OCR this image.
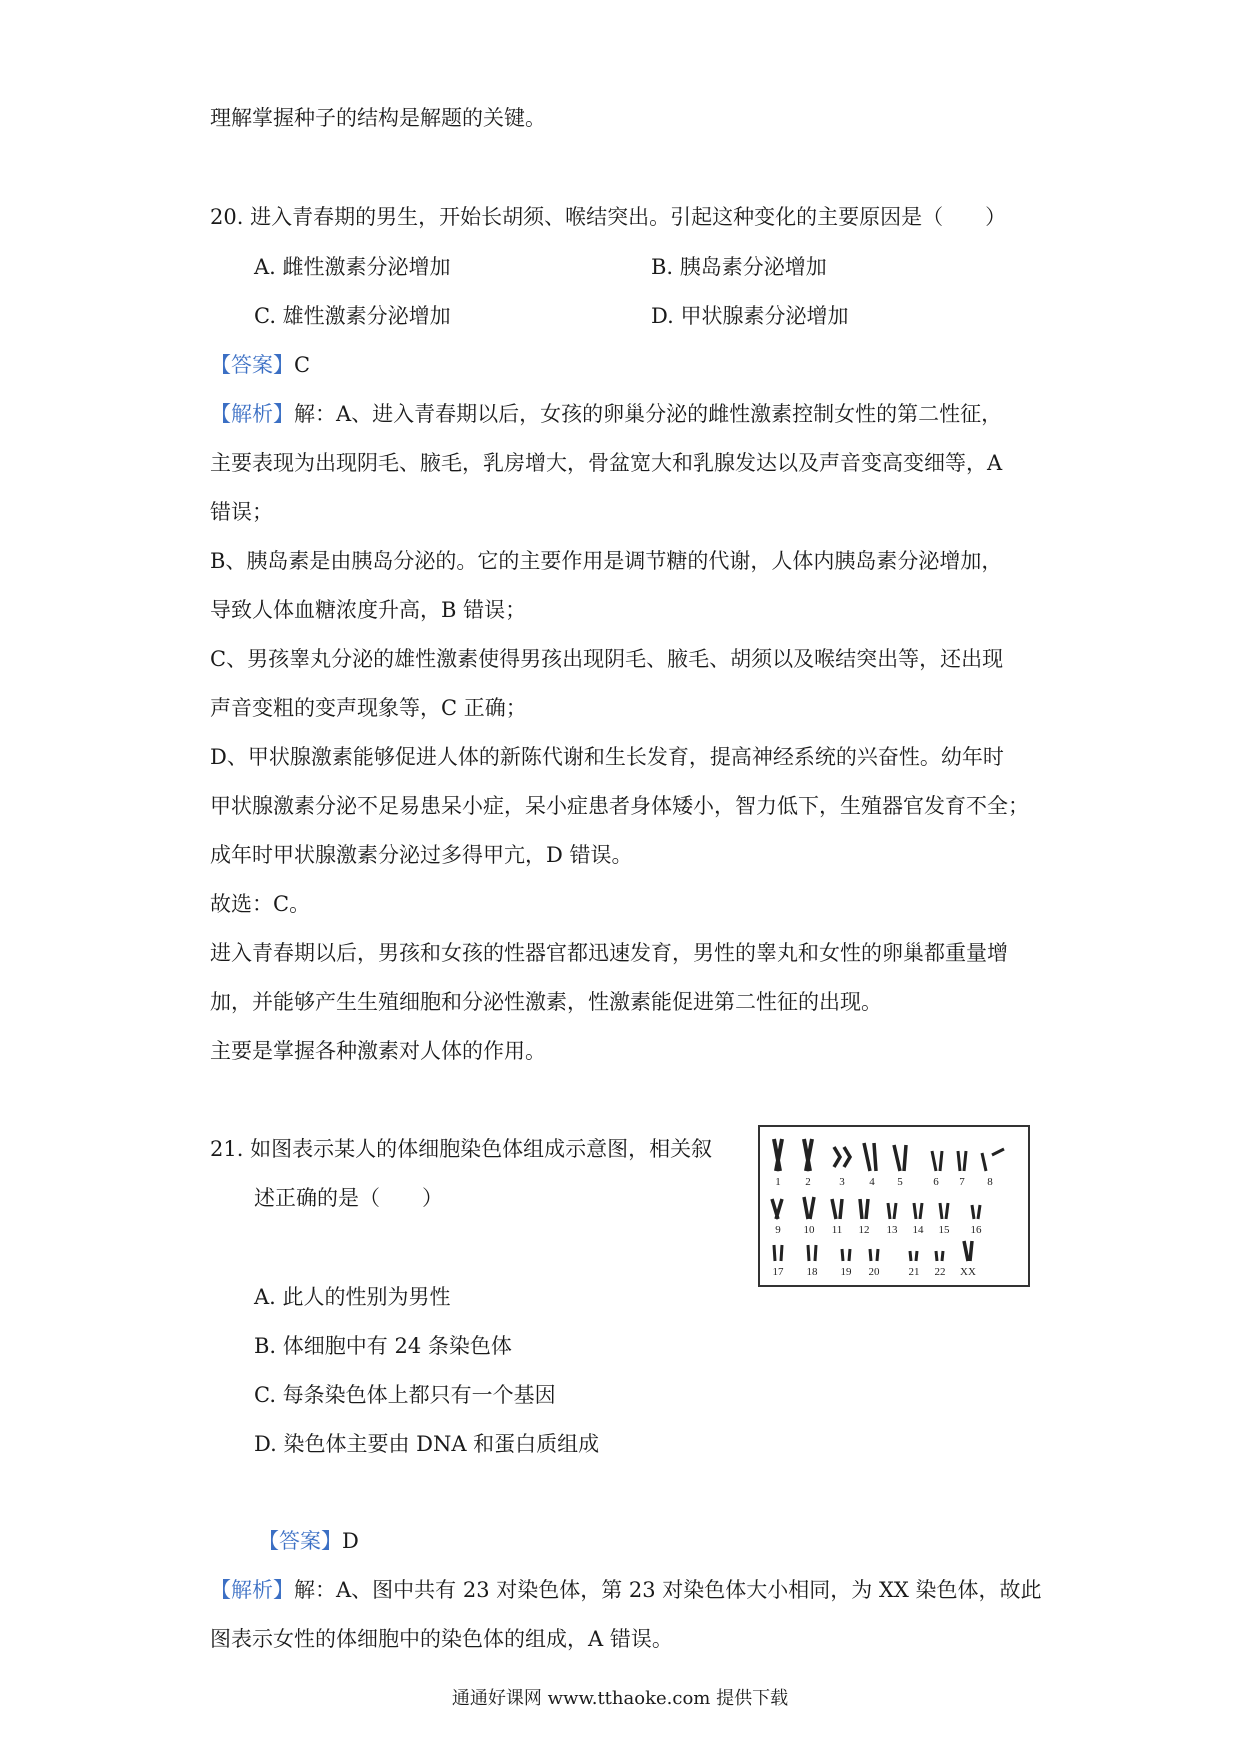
理解掌握种子的结构是解题的关键。
20. 进入青春期的男生，开始长胡须、喉结突出。引起这种变化的主要原因是（　　）
A. 雌性激素分泌增加	B. 胰岛素分泌增加
C. 雄性激素分泌增加	D. 甲状腺素分泌增加
【答案】C
【解析】解：A、进入青春期以后，女孩的卵巢分泌的雌性激素控制女性的第二性征，
主要表现为出现阴毛、腋毛，乳房增大，骨盆宽大和乳腺发达以及声音变高变细等，A
错误；
B、胰岛素是由胰岛分泌的。它的主要作用是调节糖的代谢，人体内胰岛素分泌增加，
导致人体血糖浓度升高，B 错误；
C、男孩睾丸分泌的雄性激素使得男孩出现阴毛、腋毛、胡须以及喉结突出等，还出现
声音变粗的变声现象等，C 正确；
D、甲状腺激素能够促进人体的新陈代谢和生长发育，提高神经系统的兴奋性。幼年时
甲状腺激素分泌不足易患呆小症，呆小症患者身体矮小，智力低下，生殖器官发育不全；
成年时甲状腺激素分泌过多得甲亢，D 错误。
故选：C。
进入青春期以后，男孩和女孩的性器官都迅速发育，男性的睾丸和女性的卵巢都重量增
加，并能够产生生殖细胞和分泌性激素，性激素能促进第二性征的出现。
主要是掌握各种激素对人体的作用。
21. 如图表示某人的体细胞染色体组成示意图，相关叙
述正确的是（　　）
1 2	3 4 5	6 7 8
9 10 11 12 13 14 15 16
17 18 19 20	21 22 XX
A. 此人的性别为男性
B. 体细胞中有 24 条染色体
C. 每条染色体上都只有一个基因
D. 染色体主要由 DNA 和蛋白质组成
【答案】D
【解析】解：A、图中共有 23 对染色体，第 23 对染色体大小相同，为 XX 染色体，故此
图表示女性的体细胞中的染色体的组成，A 错误。
通通好课网 www.tthaoke.com 提供下载
